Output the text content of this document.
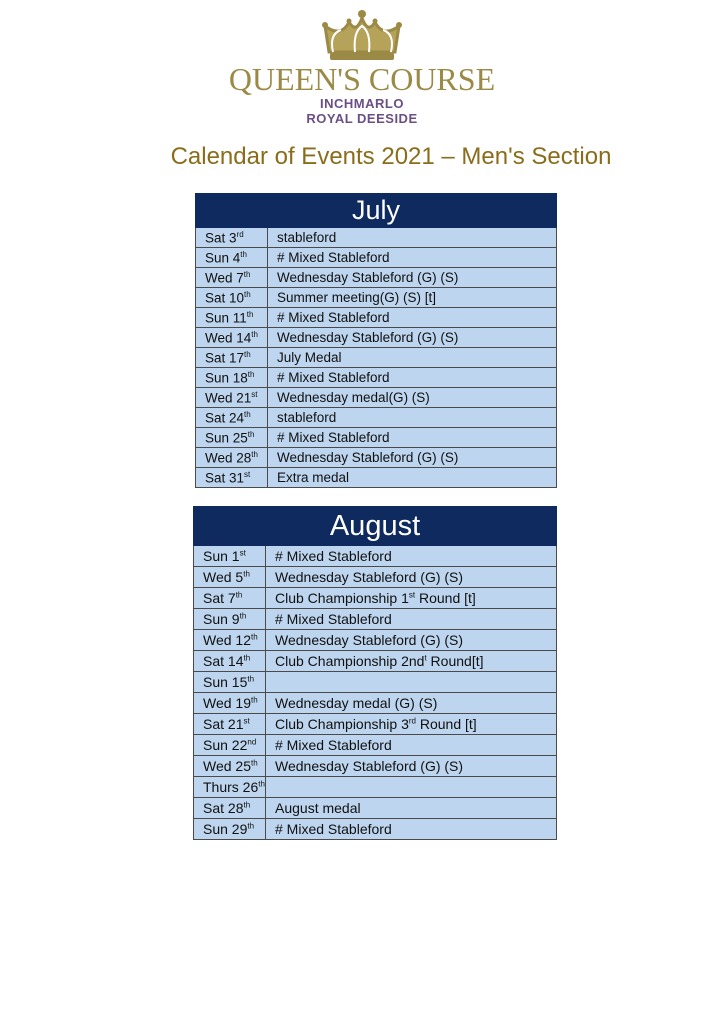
QUEEN'S COURSE
INCHMARLO
ROYAL DEESIDE
Calendar of Events 2021 – Men's Section
July	
Sat 3rd	stableford
Sun 4th	# Mixed Stableford
Wed 7th	Wednesday Stableford (G) (S)
Sat 10th	Summer meeting(G) (S) [t]
Sun 11th	# Mixed Stableford
Wed 14th	Wednesday Stableford (G) (S)
Sat 17th	July Medal
Sun 18th	# Mixed Stableford
Wed 21st	Wednesday medal(G) (S)
Sat 24th	stableford
Sun 25th	# Mixed Stableford
Wed 28th	Wednesday Stableford (G) (S)
Sat 31st	Extra medal
August	
Sun 1st	# Mixed Stableford
Wed 5th	Wednesday Stableford (G) (S)
Sat 7th	Club Championship 1st Round [t]
Sun 9th	# Mixed Stableford
Wed 12th	Wednesday Stableford (G) (S)
Sat 14th	Club Championship $2nd^t$ Round[t]
Sun 15th	
Wed 19th	Wednesday medal (G) (S)
Sat 21st	Club Championship 3rd Round [t]
Sun 22nd	# Mixed Stableford
Wed 25th	Wednesday Stableford (G) (S)
Thurs 26th	
Sat 28th	August medal
Sun 29th	# Mixed Stableford
